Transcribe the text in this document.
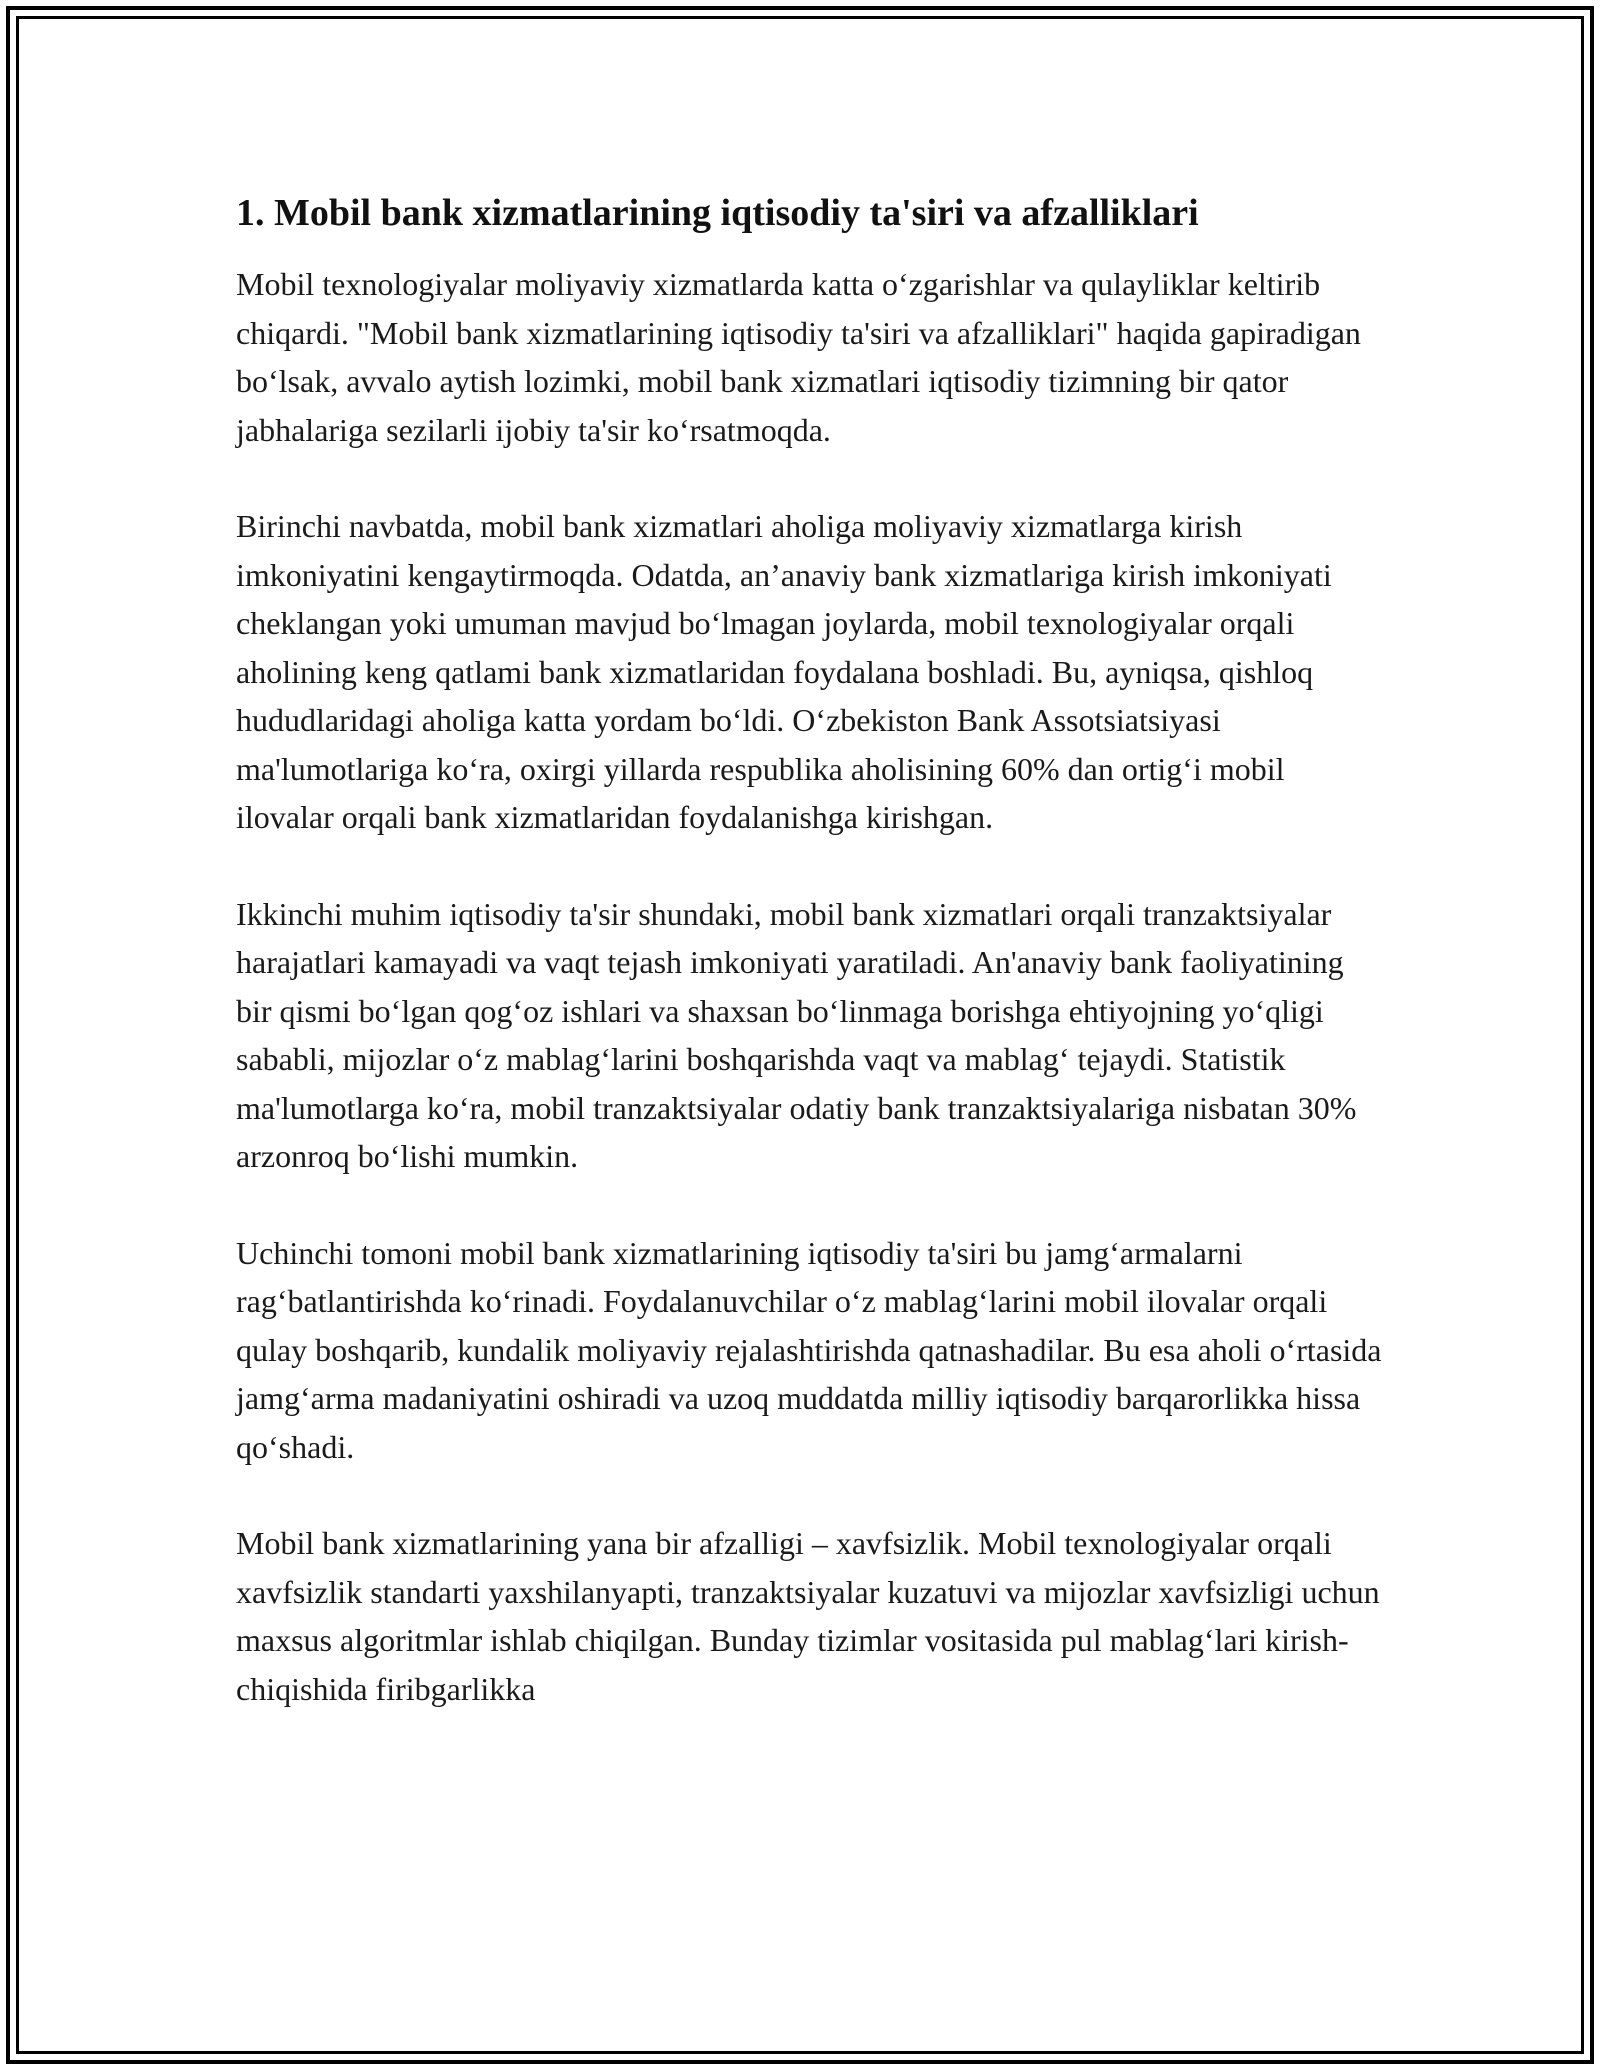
1. Mobil bank xizmatlarining iqtisodiy ta'siri va afzalliklari

Mobil texnologiyalar moliyaviy xizmatlarda katta o‘zgarishlar va qulayliklar keltirib chiqardi. "Mobil bank xizmatlarining iqtisodiy ta'siri va afzalliklari" haqida gapiradigan bo‘lsak, avvalo aytish lozimki, mobil bank xizmatlari iqtisodiy tizimning bir qator jabhalariga sezilarli ijobiy ta'sir ko‘rsatmoqda.

Birinchi navbatda, mobil bank xizmatlari aholiga moliyaviy xizmatlarga kirish imkoniyatini kengaytirmoqda. Odatda, an’anaviy bank xizmatlariga kirish imkoniyati cheklangan yoki umuman mavjud bo‘lmagan joylarda, mobil texnologiyalar orqali aholining keng qatlami bank xizmatlaridan foydalana boshladi. Bu, ayniqsa, qishloq hududlaridagi aholiga katta yordam bo‘ldi. O‘zbekiston Bank Assotsiatsiyasi ma'lumotlariga ko‘ra, oxirgi yillarda respublika aholisining 60% dan ortig‘i mobil ilovalar orqali bank xizmatlaridan foydalanishga kirishgan.

Ikkinchi muhim iqtisodiy ta'sir shundaki, mobil bank xizmatlari orqali tranzaktsiyalar harajatlari kamayadi va vaqt tejash imkoniyati yaratiladi. An'anaviy bank faoliyatining bir qismi bo‘lgan qog‘oz ishlari va shaxsan bo‘linmaga borishga ehtiyojning yo‘qligi sababli, mijozlar o‘z mablag‘larini boshqarishda vaqt va mablag‘ tejaydi. Statistik ma'lumotlarga ko‘ra, mobil tranzaktsiyalar odatiy bank tranzaktsiyalariga nisbatan 30% arzonroq bo‘lishi mumkin.

Uchinchi tomoni mobil bank xizmatlarining iqtisodiy ta'siri bu jamg‘armalarni rag‘batlantirishda ko‘rinadi. Foydalanuvchilar o‘z mablag‘larini mobil ilovalar orqali qulay boshqarib, kundalik moliyaviy rejalashtirishda qatnashadilar. Bu esa aholi o‘rtasida jamg‘arma madaniyatini oshiradi va uzoq muddatda milliy iqtisodiy barqarorlikka hissa qo‘shadi.

Mobil bank xizmatlarining yana bir afzalligi – xavfsizlik. Mobil texnologiyalar orqali xavfsizlik standarti yaxshilanyapti, tranzaktsiyalar kuzatuvi va mijozlar xavfsizligi uchun maxsus algoritmlar ishlab chiqilgan. Bunday tizimlar vositasida pul mablag‘lari kirish-chiqishida firibgarlikka
